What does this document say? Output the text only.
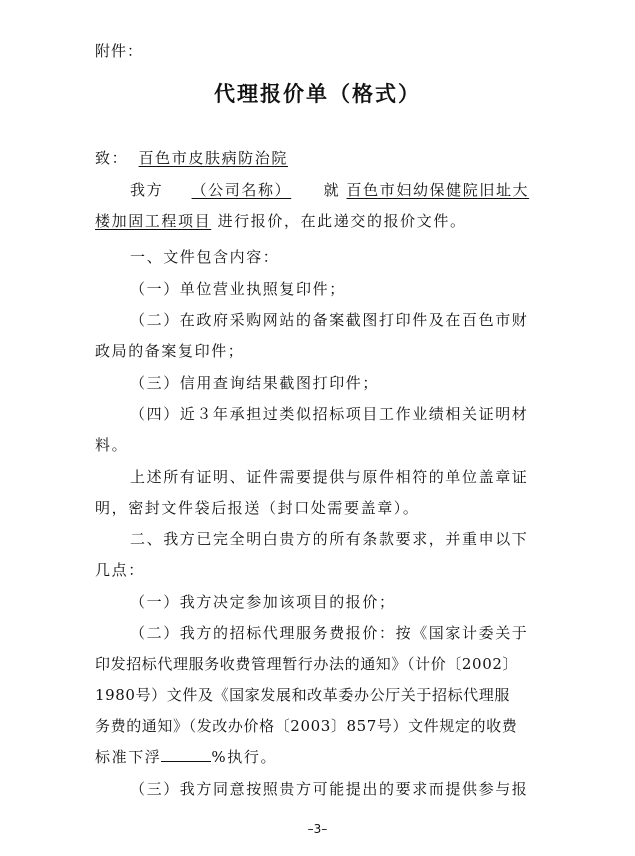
附件：
代理报价单（格式）
致： 百色市皮肤病防治院
我方 （公司名称） 就 百色市妇幼保健院旧址大
楼加固工程项目 进行报价，在此递交的报价文件。
一、文件包含内容：
（一）单位营业执照复印件；
（二）在政府采购网站的备案截图打印件及在百色市财
政局的备案复印件；
（三）信用查询结果截图打印件；
（四）近３年承担过类似招标项目工作业绩相关证明材
料。
上述所有证明、证件需要提供与原件相符的单位盖章证
明，密封文件袋后报送（封口处需要盖章）。
二、我方已完全明白贵方的所有条款要求，并重申以下
几点：
（一）我方决定参加该项目的报价；
（二）我方的招标代理服务费报价：按《国家计委关于
印发招标代理服务收费管理暂行办法的通知》（计价〔2002〕
1980号）文件及《国家发展和改革委办公厅关于招标代理服
务费的通知》（发改办价格〔2003〕857号）文件规定的收费
标准下浮	%执行。
（三）我方同意按照贵方可能提出的要求而提供参与报
–3–
